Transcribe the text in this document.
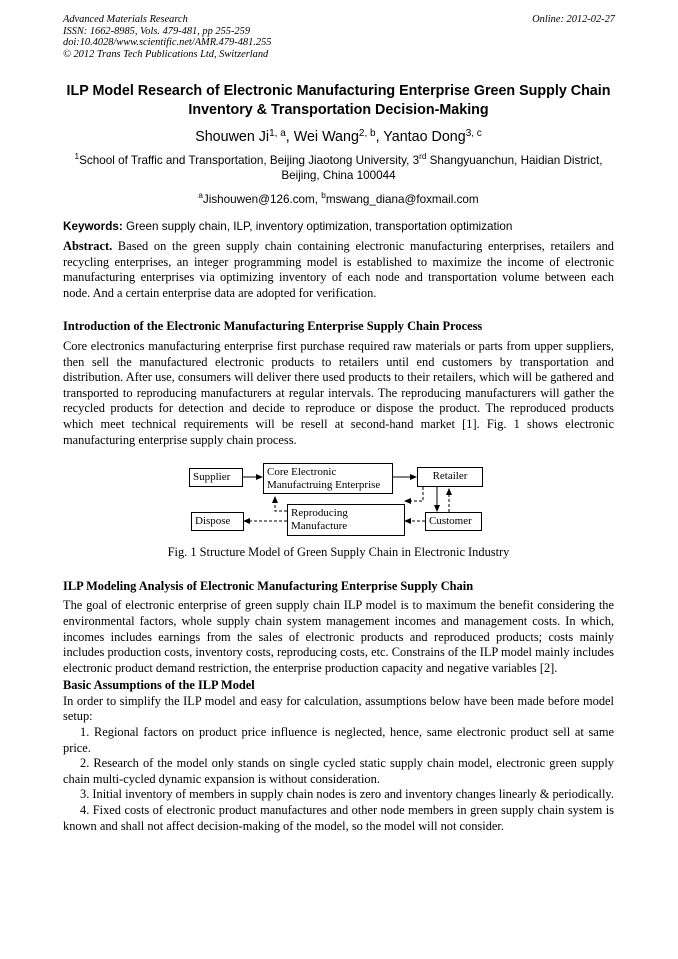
Advanced Materials Research
ISSN: 1662-8985, Vols. 479-481, pp 255-259
doi:10.4028/www.scientific.net/AMR.479-481.255
© 2012 Trans Tech Publications Ltd, Switzerland
Online: 2012-02-27
ILP Model Research of Electronic Manufacturing Enterprise Green Supply Chain Inventory & Transportation Decision-Making
Shouwen Ji$^{1, a}$, Wei Wang$^{2, b}$, Yantao Dong$^{3, c}$
$^1$School of Traffic and Transportation, Beijing Jiaotong University, 3rd Shangyuanchun, Haidian District, Beijing, China 100044
$^a$Jishouwen@126.com, $^b$mswang_diana@foxmail.com
Keywords: Green supply chain, ILP, inventory optimization, transportation optimization

Abstract. Based on the green supply chain containing electronic manufacturing enterprises, retailers and recycling enterprises, an integer programming model is established to maximize the income of electronic manufacturing enterprises via optimizing inventory of each node and transportation volume between each node. And a certain enterprise data are adopted for verification.

Introduction of the Electronic Manufacturing Enterprise Supply Chain Process

Core electronics manufacturing enterprise first purchase required raw materials or parts from upper suppliers, then sell the manufactured electronic products to retailers until end customers by transportation and distribution. After use, consumers will deliver there used products to their retailers, which will be gathered and transported to reproducing manufacturers at regular intervals. The reproducing manufacturers will gather the recycled products for detection and decide to reproduce or dispose the product. The reproduced products which meet technical requirements will be resell at second-hand market [1]. Fig. 1 shows electronic manufacturing enterprise supply chain process.

Supplier	Core Electronic
Manufactruing Enterprise
Retailer
Dispose
Reproducing
Manufacture	Customer
Fig. 1 Structure Model of Green Supply Chain in Electronic Industry
ILP Modeling Analysis of Electronic Manufacturing Enterprise Supply Chain

The goal of electronic enterprise of green supply chain ILP model is to maximum the benefit considering the environmental factors, whole supply chain system management incomes and management costs. In which, incomes includes earnings from the sales of electronic products and reproduced products; costs mainly includes production costs, inventory costs, reproducing costs, etc. Constrains of the ILP model mainly includes electronic product demand restriction, the enterprise production capacity and negative variables [2].

Basic Assumptions of the ILP Model

In order to simplify the ILP model and easy for calculation, assumptions below have been made before model setup:

1. Regional factors on product price influence is neglected, hence, same electronic product sell at same price.

2. Research of the model only stands on single cycled static supply chain model, electronic green supply chain multi-cycled dynamic expansion is without consideration.

3. Initial inventory of members in supply chain nodes is zero and inventory changes linearly & periodically.

4. Fixed costs of electronic product manufactures and other node members in green supply chain system is known and shall not affect decision-making of the model, so the model will not consider.
